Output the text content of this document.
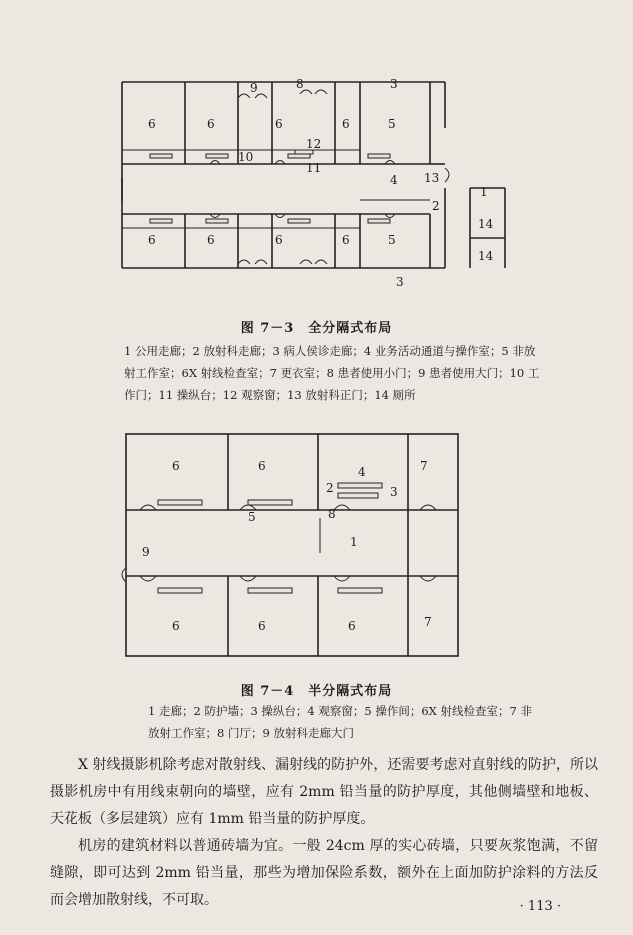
6	6
9	8
6	6
3
5
10
12
11
4 13
2
1
14
14
6	6	6	6	5
3
图 7－3　全分隔式布局
1 公用走廊；2 放射科走廊；3 病人侯诊走廊；4 业务活动通道与操作室；5 非放
射工作室；6X 射线检查室；7 更衣室；8 患者使用小门；9 患者使用大门；10 工
作门；11 操纵台；12 观察窗；13 放射科正门；14 厕所
6	6
5
4
2	3
7
8
1
9
6	6	6	7
图 7－4　半分隔式布局
1 走廊；2 防护墙；3 操纵台；4 观察窗；5 操作间；6X 射线检查室；7 非
放射工作室；8 门厅；9 放射科走廊大门

X 射线摄影机除考虑对散射线、漏射线的防护外，还需要考虑对直射线的防护，所以摄影机房中有用线束朝向的墙壁，应有 2mm 铅当量的防护厚度，其他侧墙壁和地板、天花板（多层建筑）应有 1mm 铅当量的防护厚度。

机房的建筑材料以普通砖墙为宜。一般 24cm 厚的实心砖墙，只要灰浆饱满，不留缝隙，即可达到 2mm 铅当量，那些为增加保险系数，额外在上面加防护涂料的方法反而会增加散射线，不可取。	· 113 ·
